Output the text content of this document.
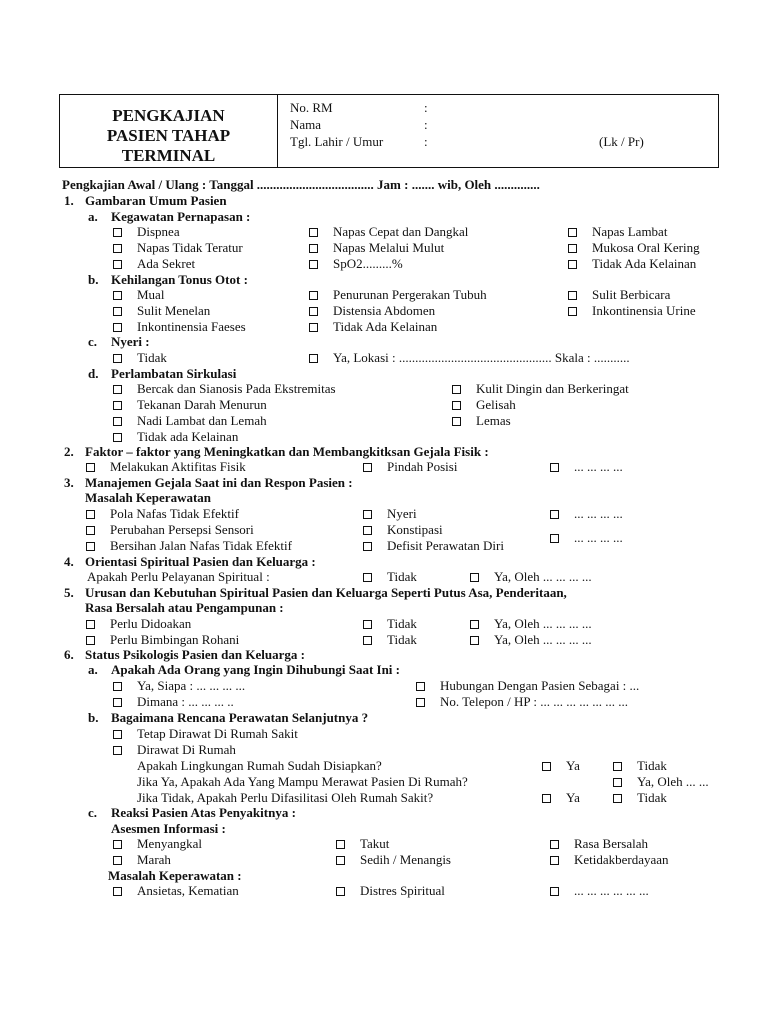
PENGKAJIAN
PASIEN TAHAP
TERMINAL
No. RM	:
Nama	:
Tgl. Lahir / Umur	:	(Lk / Pr)
Pengkajian Awal / Ulang : Tanggal .................................... Jam : ....... wib, Oleh ..............
1. Gambaran Umum Pasien
a. Kegawatan Pernapasan :
Dispnea	Napas Cepat dan Dangkal	Napas Lambat
Napas Tidak Teratur	Napas Melalui Mulut	Mukosa Oral Kering
Ada Sekret	SpO2.........%	Tidak Ada Kelainan
b. Kehilangan Tonus Otot :
Mual	Penurunan Pergerakan Tubuh	Sulit Berbicara
Sulit Menelan	Distensia Abdomen	Inkontinensia Urine
Inkontinensia Faeses	Tidak Ada Kelainan
c. Nyeri :
Tidak	Ya, Lokasi : ............................................... Skala : ...........
d. Perlambatan Sirkulasi
Bercak dan Sianosis Pada Ekstremitas	Kulit Dingin dan Berkeringat
Tekanan Darah Menurun	Gelisah
Nadi Lambat dan Lemah	Lemas
Tidak ada Kelainan
2. Faktor – faktor yang Meningkatkan dan Membangkitksan Gejala Fisik :
Melakukan Aktifitas Fisik	Pindah Posisi	... ... ... ...
3. Manajemen Gejala Saat ini dan Respon Pasien :
Masalah Keperawatan
Pola Nafas Tidak Efektif	Nyeri	... ... ... ...
Perubahan Persepsi Sensori	Konstipasi
Bersihan Jalan Nafas Tidak Efektif	Defisit Perawatan Diri
... ... ... ...
4. Orientasi Spiritual Pasien dan Keluarga :
Apakah Perlu Pelayanan Spiritual :	Tidak	Ya, Oleh ... ... ... ...
5. Urusan dan Kebutuhan Spiritual Pasien dan Keluarga Seperti Putus Asa, Penderitaan,
Rasa Bersalah atau Pengampunan :
Perlu Didoakan	Tidak	Ya, Oleh ... ... ... ...
Perlu Bimbingan Rohani	Tidak	Ya, Oleh ... ... ... ...
6. Status Psikologis Pasien dan Keluarga :
a. Apakah Ada Orang yang Ingin Dihubungi Saat Ini :
Ya, Siapa : ... ... ... ...	Hubungan Dengan Pasien Sebagai : ...
Dimana : ... ... ... ..	No. Telepon / HP : ... ... ... ... ... ... ...
b. Bagaimana Rencana Perawatan Selanjutnya ?
Tetap Dirawat Di Rumah Sakit
Dirawat Di Rumah
Apakah Lingkungan Rumah Sudah Disiapkan?	Ya	Tidak
Jika Ya, Apakah Ada Yang Mampu Merawat Pasien Di Rumah?	Ya, Oleh ... ...
Jika Tidak, Apakah Perlu Difasilitasi Oleh Rumah Sakit?	Ya	Tidak
c. Reaksi Pasien Atas Penyakitnya :
Asesmen Informasi :
Menyangkal	Takut	Rasa Bersalah
Marah	Sedih / Menangis	Ketidakberdayaan
Masalah Keperawatan :
Ansietas, Kematian	Distres Spiritual	... ... ... ... ... ...
